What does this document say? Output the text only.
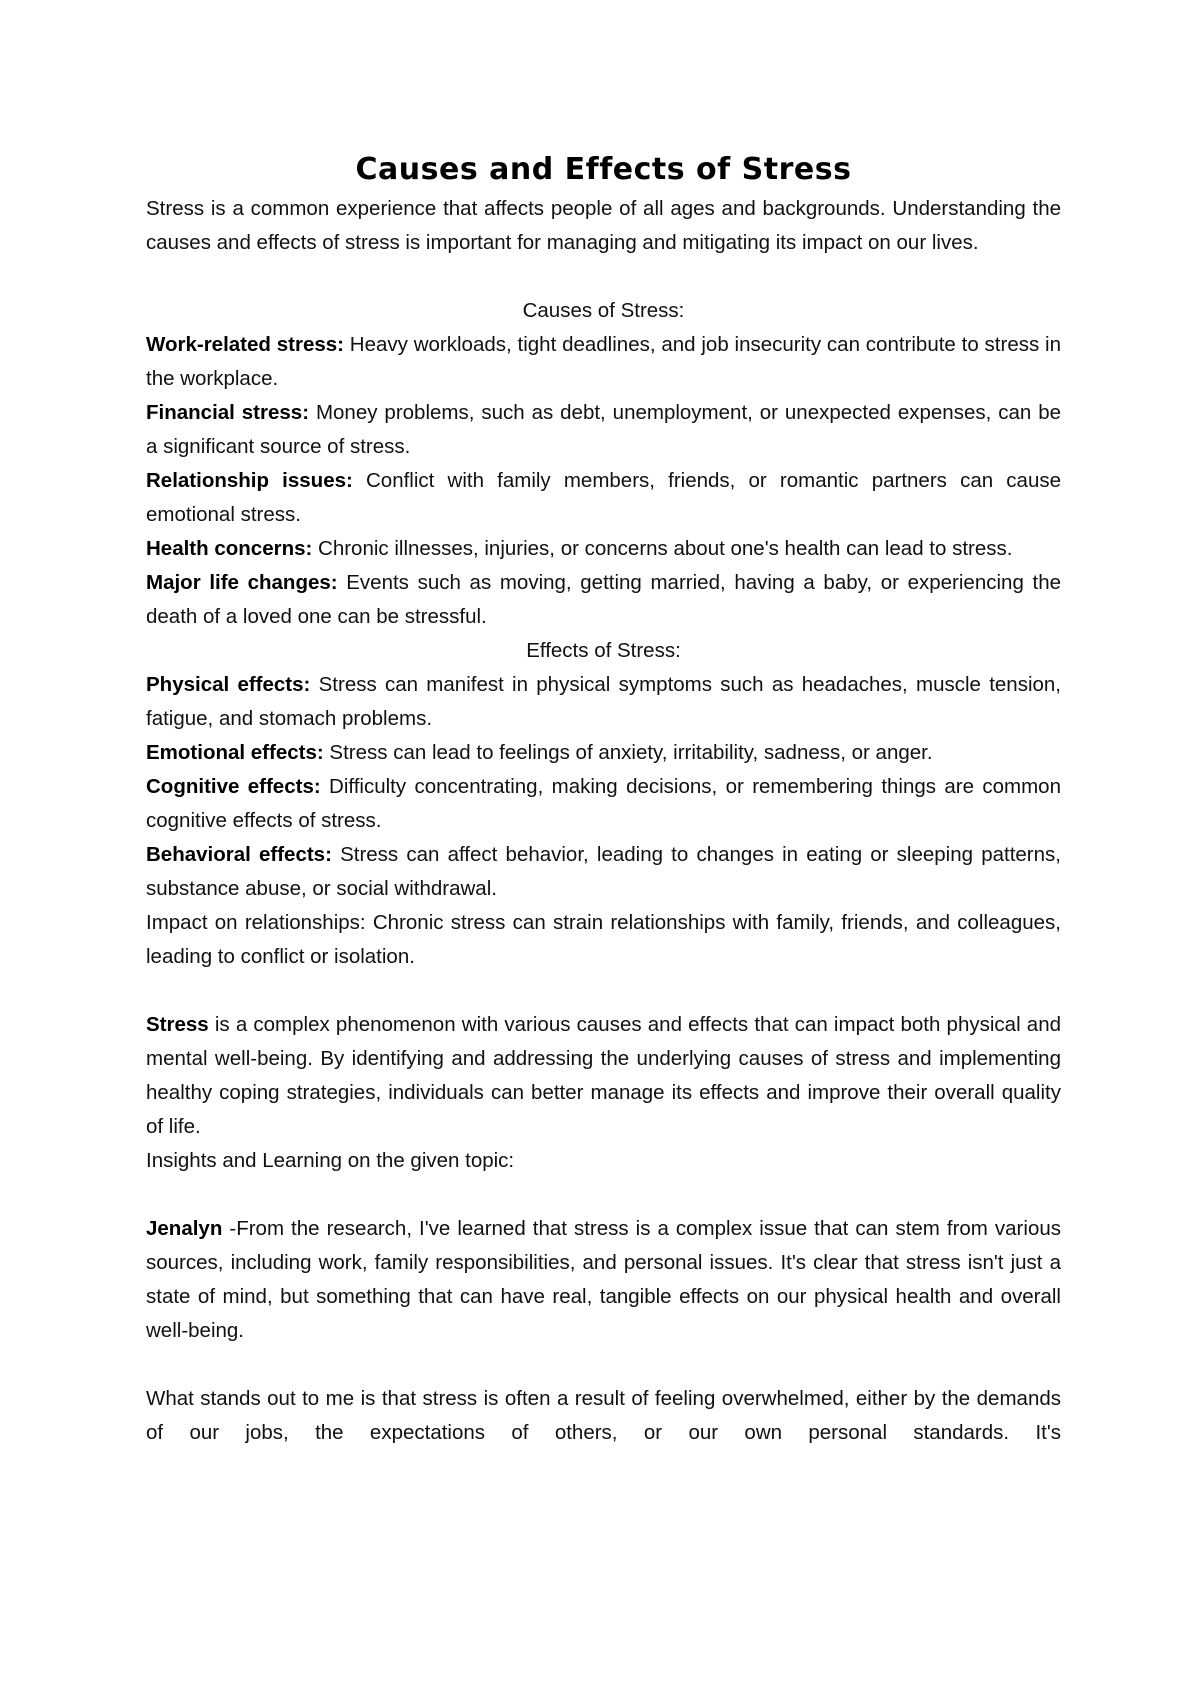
Causes and Effects of Stress

Stress is a common experience that affects people of all ages and backgrounds. Understanding the causes and effects of stress is important for managing and mitigating its impact on our lives.

Causes of Stress:

Work-related stress: Heavy workloads, tight deadlines, and job insecurity can contribute to stress in the workplace.

Financial stress: Money problems, such as debt, unemployment, or unexpected expenses, can be a significant source of stress.

Relationship issues: Conflict with family members, friends, or romantic partners can cause emotional stress.

Health concerns: Chronic illnesses, injuries, or concerns about one's health can lead to stress.

Major life changes: Events such as moving, getting married, having a baby, or experiencing the death of a loved one can be stressful.

Effects of Stress:

Physical effects: Stress can manifest in physical symptoms such as headaches, muscle tension, fatigue, and stomach problems.

Emotional effects: Stress can lead to feelings of anxiety, irritability, sadness, or anger.

Cognitive effects: Difficulty concentrating, making decisions, or remembering things are common cognitive effects of stress.

Behavioral effects: Stress can affect behavior, leading to changes in eating or sleeping patterns, substance abuse, or social withdrawal.

Impact on relationships: Chronic stress can strain relationships with family, friends, and colleagues, leading to conflict or isolation.

Stress is a complex phenomenon with various causes and effects that can impact both physical and mental well-being. By identifying and addressing the underlying causes of stress and implementing healthy coping strategies, individuals can better manage its effects and improve their overall quality of life.

Insights and Learning on the given topic:

Jenalyn -From the research, I've learned that stress is a complex issue that can stem from various sources, including work, family responsibilities, and personal issues. It's clear that stress isn't just a state of mind, but something that can have real, tangible effects on our physical health and overall well-being.

What stands out to me is that stress is often a result of feeling overwhelmed, either by the demands of our jobs, the expectations of others, or our own personal standards. It's
